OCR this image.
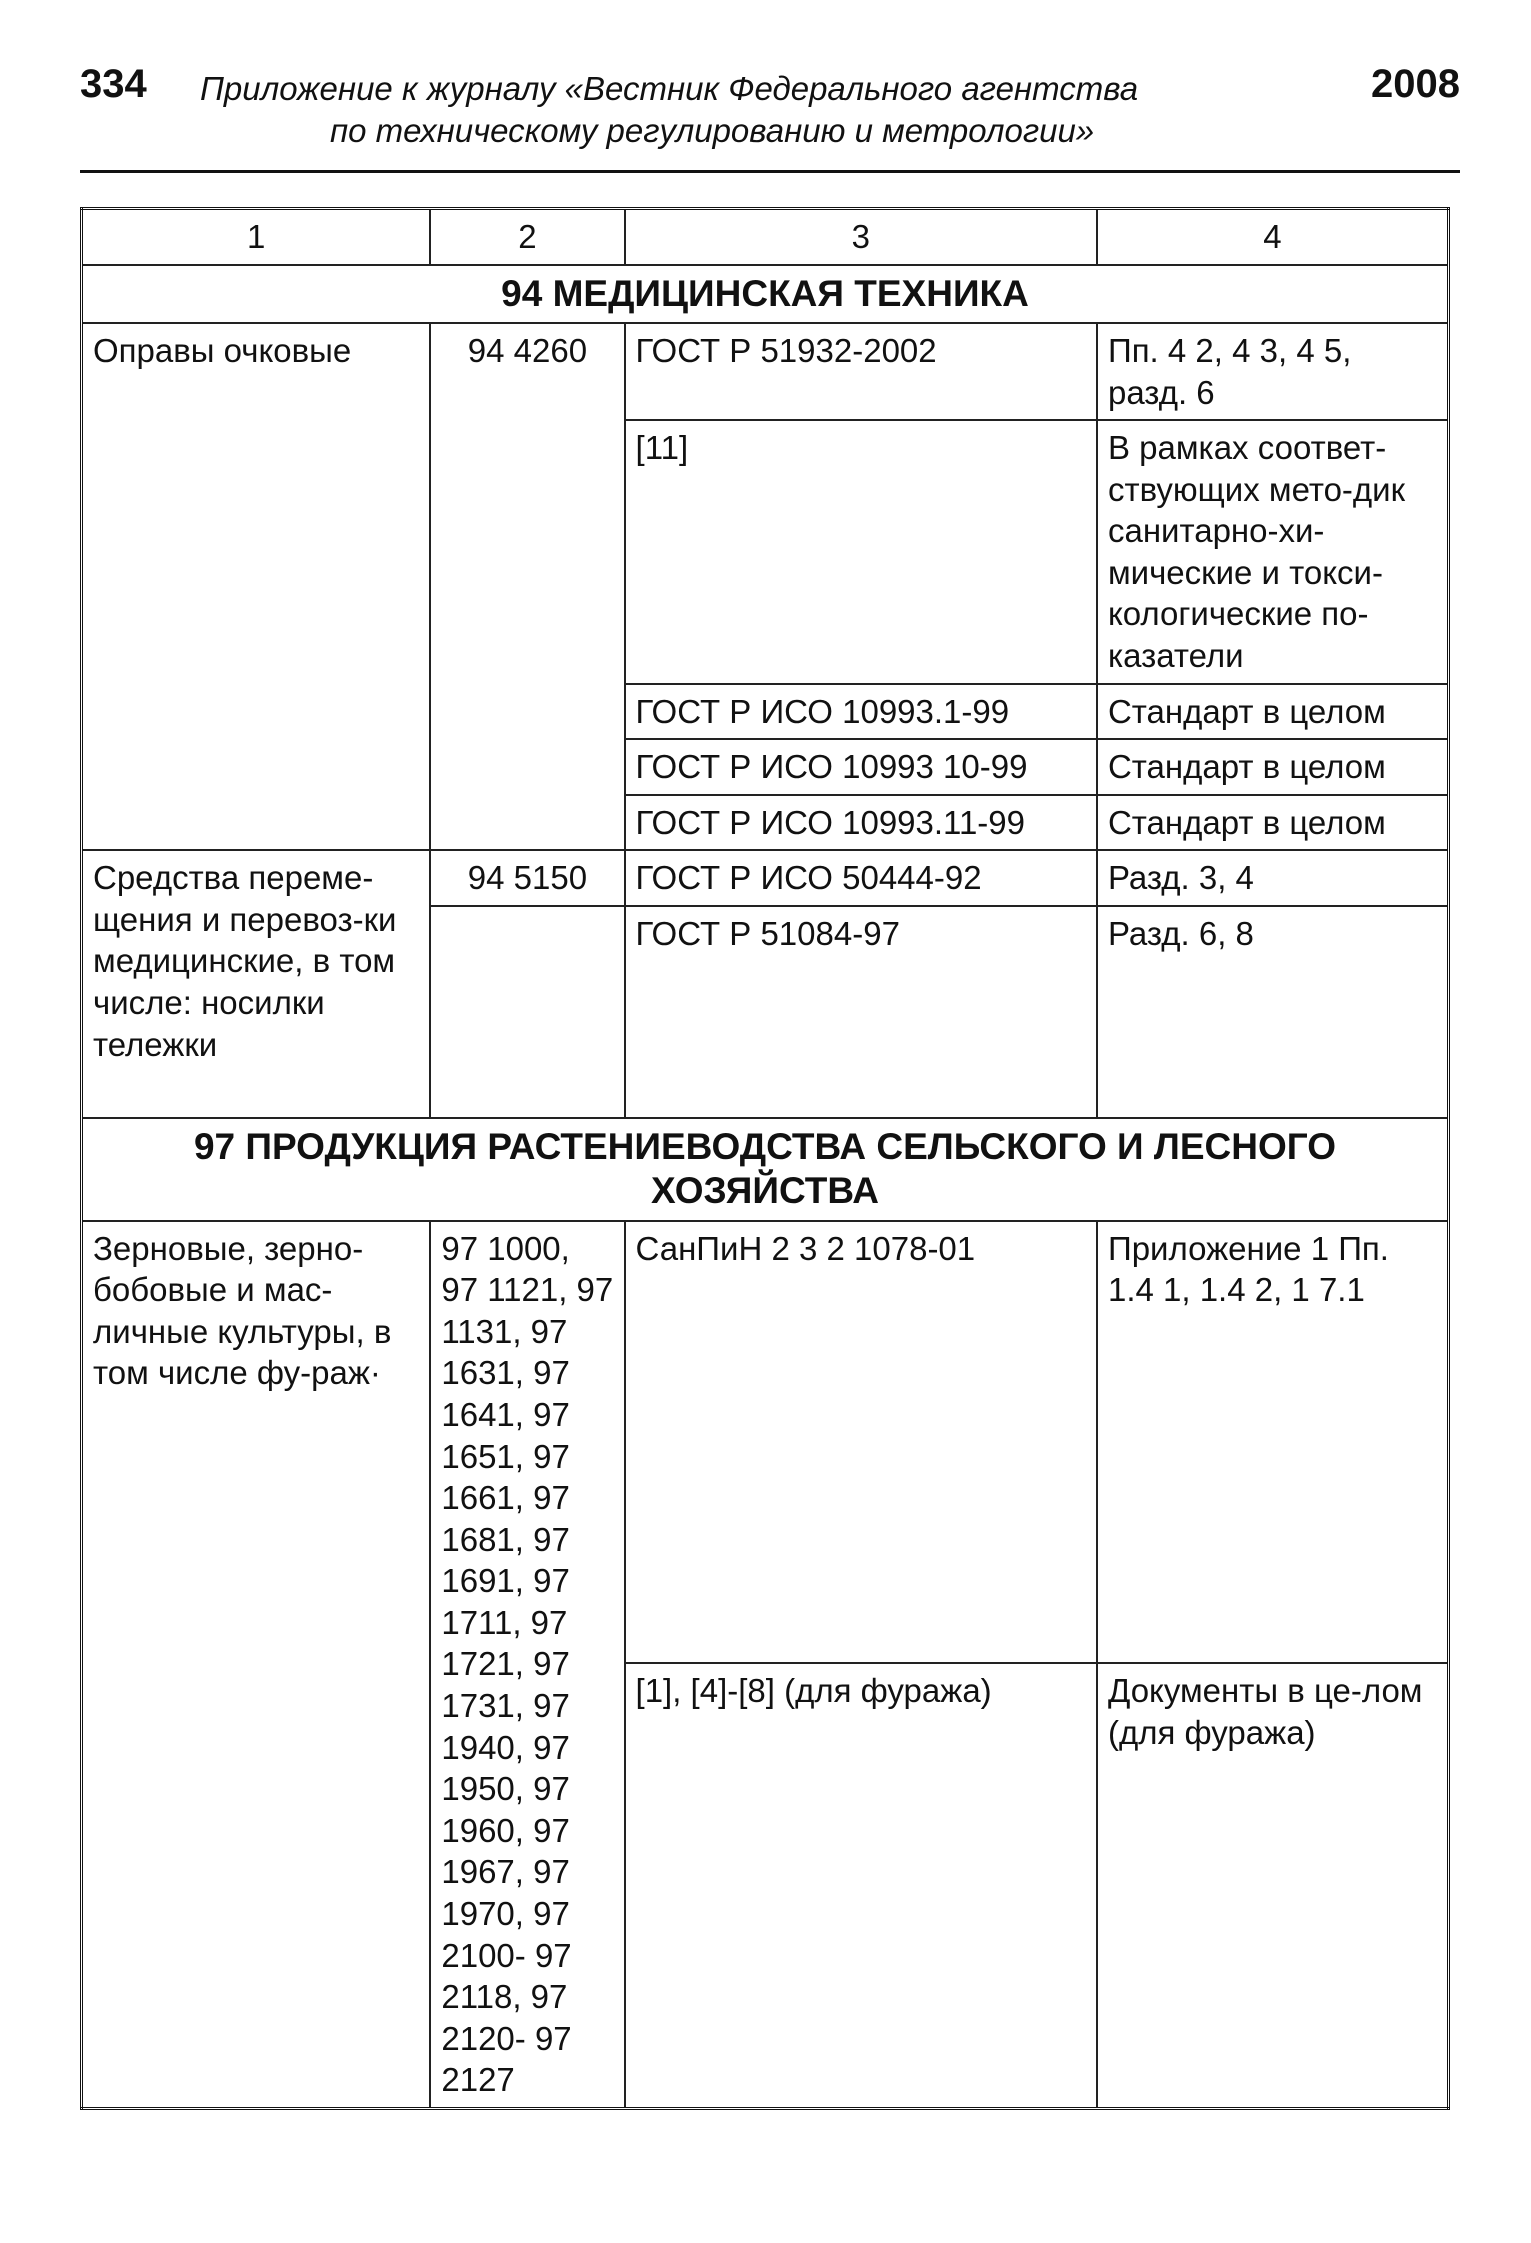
334 Приложение к журналу «Вестник Федерального агентства
по техническому регулированию и метрологии»
2008
1	2	3	4
94 МЕДИЦИНСКАЯ ТЕХНИКА			
Оправы очковые	94 4260	ГОСТ Р 51932-2002	Пп. 4 2, 4 3, 4 5, разд. 6
		[11]	В рамках соответ-ствующих мето-дик санитарно-хи-мические и токси-кологические по-казатели
		ГОСТ Р ИСО 10993.1-99	Стандарт в целом
		ГОСТ Р ИСО 10993 10-99	Стандарт в целом
		ГОСТ Р ИСО 10993.11-99	Стандарт в целом
Средства переме-щения и перевоз-ки медицинские, в том числе: носилки тележки	94 5150	ГОСТ Р ИСО 50444-92	Разд. 3, 4
		ГОСТ Р 51084-97	Разд. 6, 8
97 ПРОДУКЦИЯ РАСТЕНИЕВОДСТВА СЕЛЬСКОГО И ЛЕСНОГО ХОЗЯЙСТВА			
Зерновые, зерно-бобовые и мас-личные культуры, в том числе фу-раж·	97 1000, 97 1121, 97 1131, 97 1631, 97 1641, 97 1651, 97 1661, 97 1681, 97 1691, 97 1711, 97 1721, 97 1731, 97 1940, 97 1950, 97 1960, 97 1967, 97 1970, 97 2100- 97 2118, 97 2120- 97 2127	СанПиН 2 3 2 1078-01	Приложение 1 Пп. 1.4 1, 1.4 2, 1 7.1
		[1], [4]-[8] (для фуража)	Документы в це-лом (для фуража)
